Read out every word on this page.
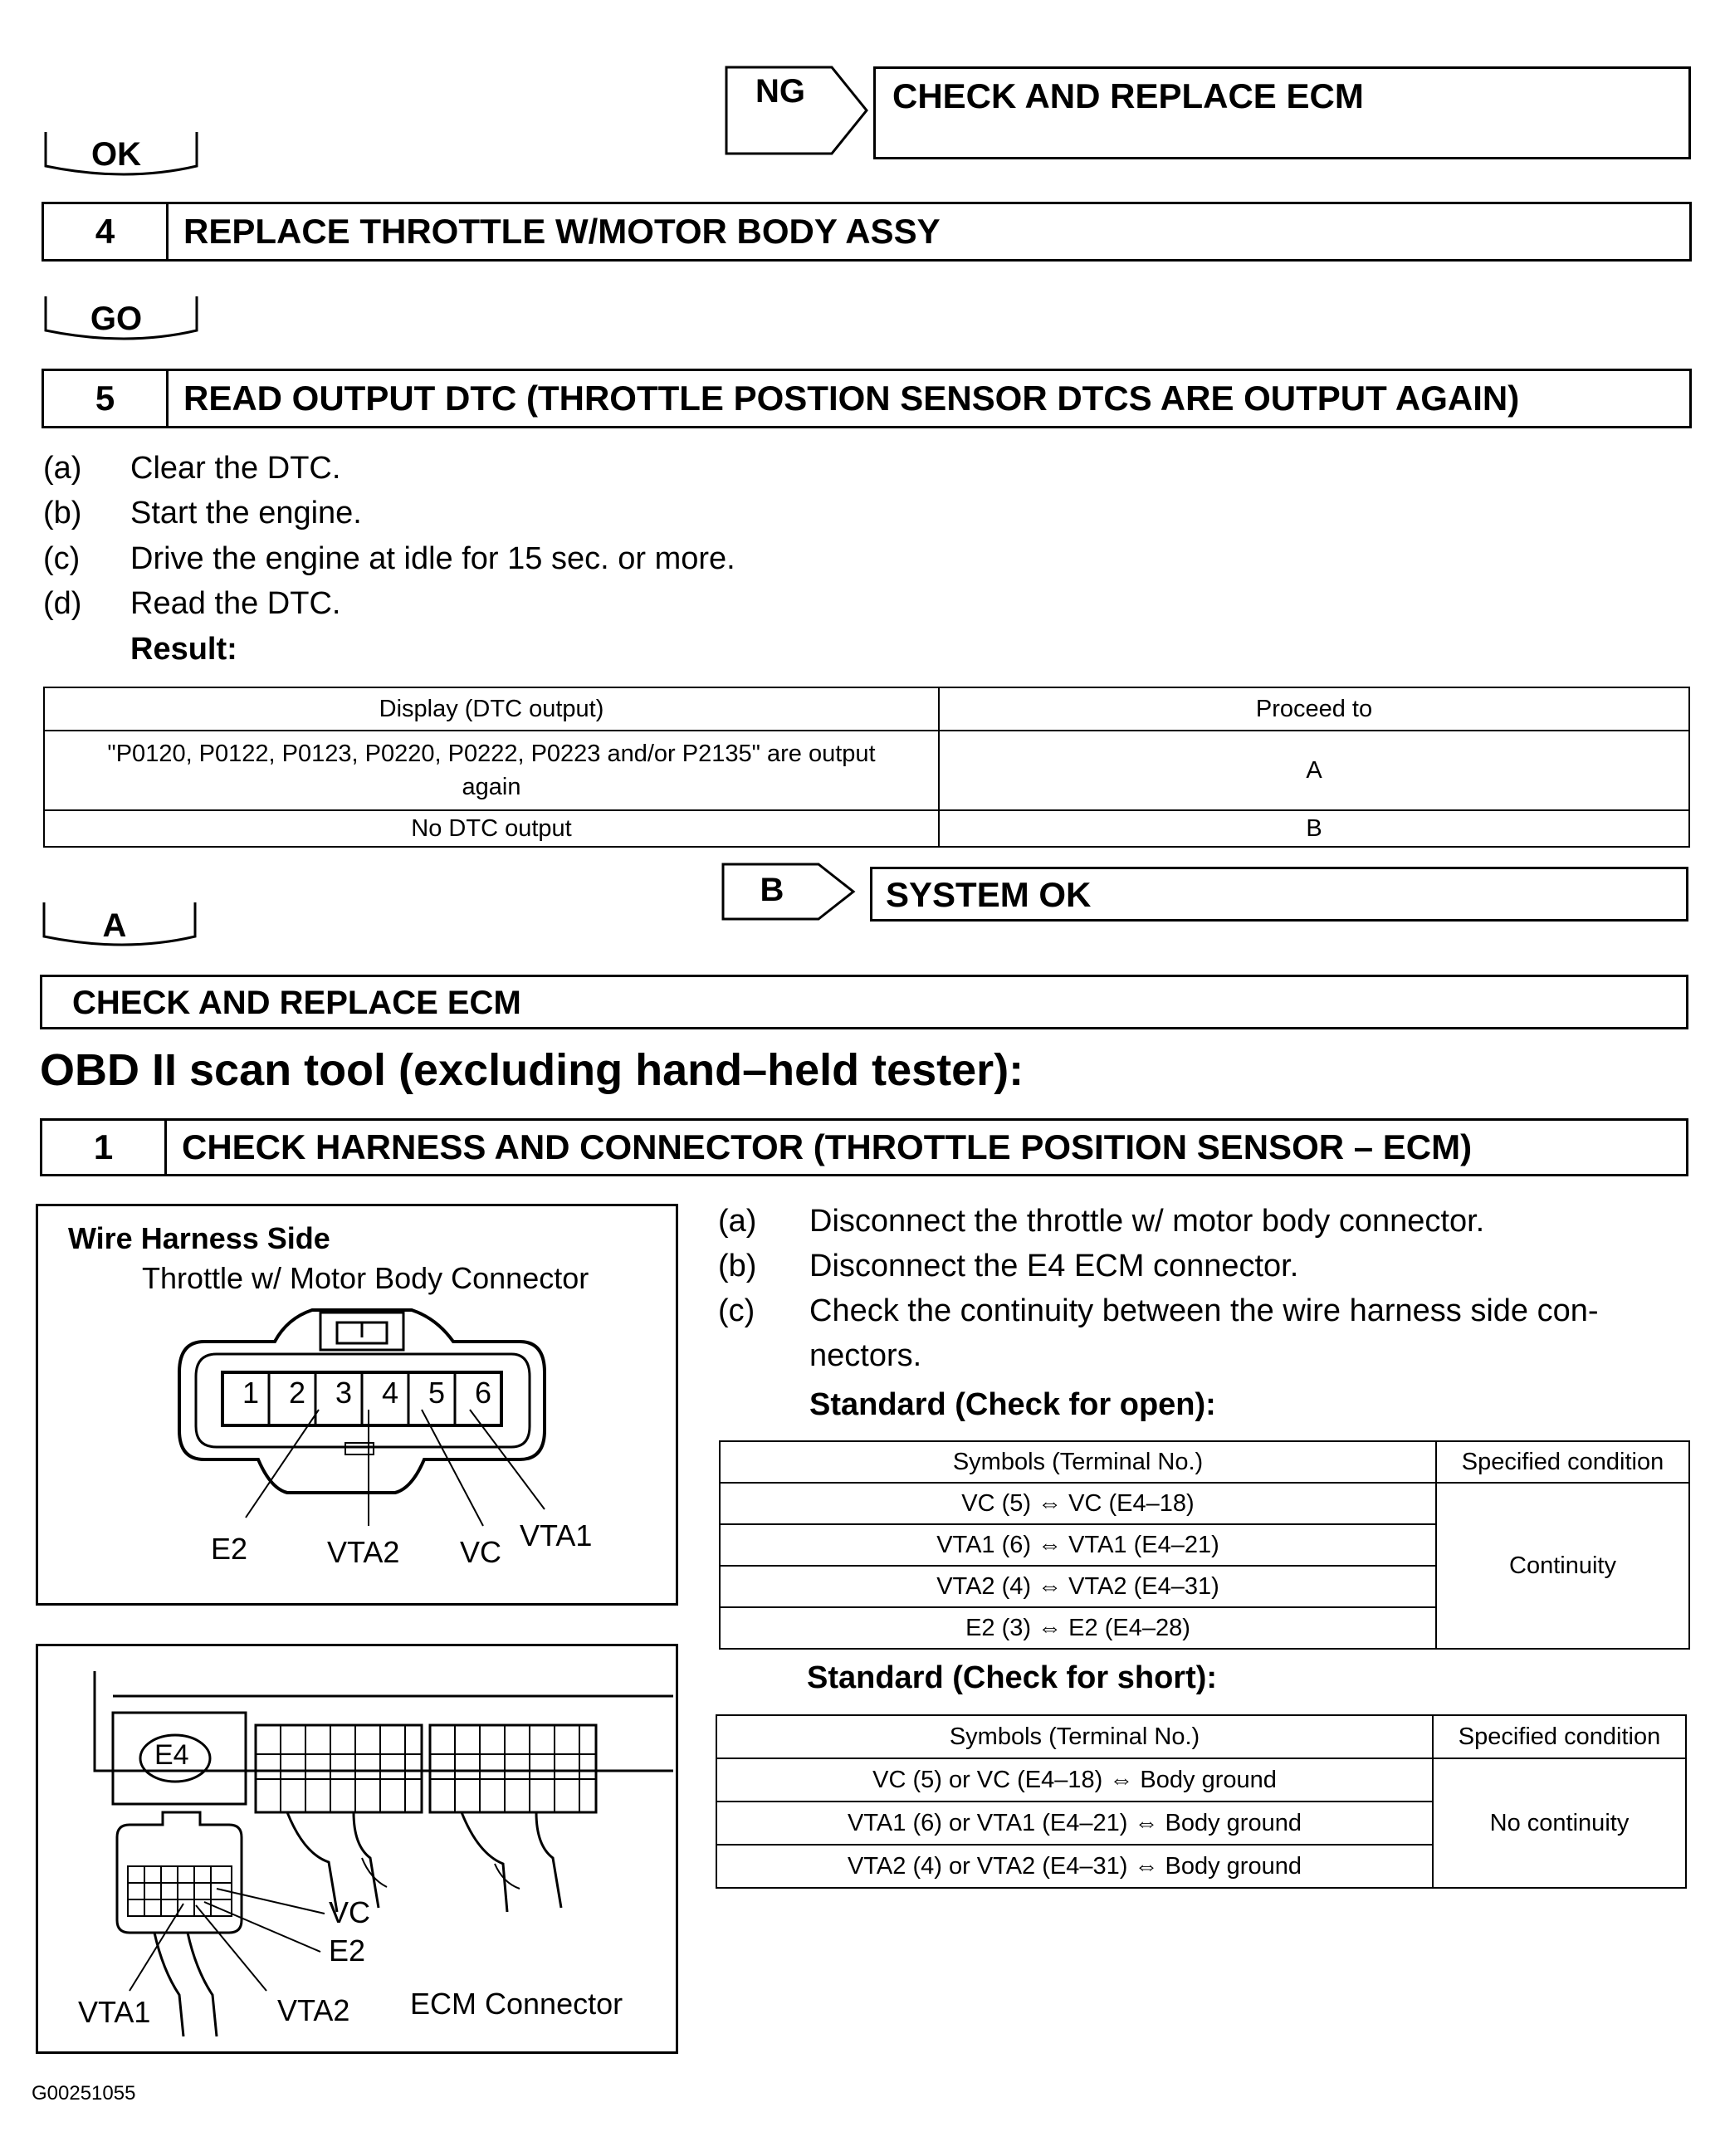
NG	CHECK AND REPLACE ECM
OK
4	REPLACE THROTTLE W/MOTOR BODY ASSY
GO
5	READ OUTPUT DTC (THROTTLE POSTION SENSOR DTCS ARE OUTPUT AGAIN)
(a) Clear the DTC.
(b) Start the engine.
(c) Drive the engine at idle for 15 sec. or more.
(d) Read the DTC.
Result:
Display (DTC output)	Proceed to

"P0120, P0122, P0123, P0220, P0222, P0223 and/or P2135" are output
again	A
No DTC output	B
B	SYSTEM OK
A
CHECK AND REPLACE ECM
OBD II scan tool (excluding hand–held tester):
1	CHECK HARNESS AND CONNECTOR (THROTTLE POSITION SENSOR – ECM)
Wire Harness Side
Throttle w/ Motor Body Connector
1 2 3 4 5 6
E2	VTA2 VC VTA1
E4
VC
E2
VTA1	VTA2 ECM Connector
(a) Disconnect the throttle w/ motor body connector.
(b) Disconnect the E4 ECM connector.
(c) Check the continuity between the wire harness side con-
nectors.
Standard (Check for open):
Symbols (Terminal No.)	Specified condition
VC (5) ⇔ VC (E4–18)	Continuity
VTA1 (6) ⇔ VTA1 (E4–21)	
VTA2 (4) ⇔ VTA2 (E4–31)	
E2 (3) ⇔ E2 (E4–28)	
Standard (Check for short):
Symbols (Terminal No.)	Specified condition
VC (5) or VC (E4–18) ⇔ Body ground	No continuity
VTA1 (6) or VTA1 (E4–21) ⇔ Body ground	
VTA2 (4) or VTA2 (E4–31) ⇔ Body ground	
G00251055
